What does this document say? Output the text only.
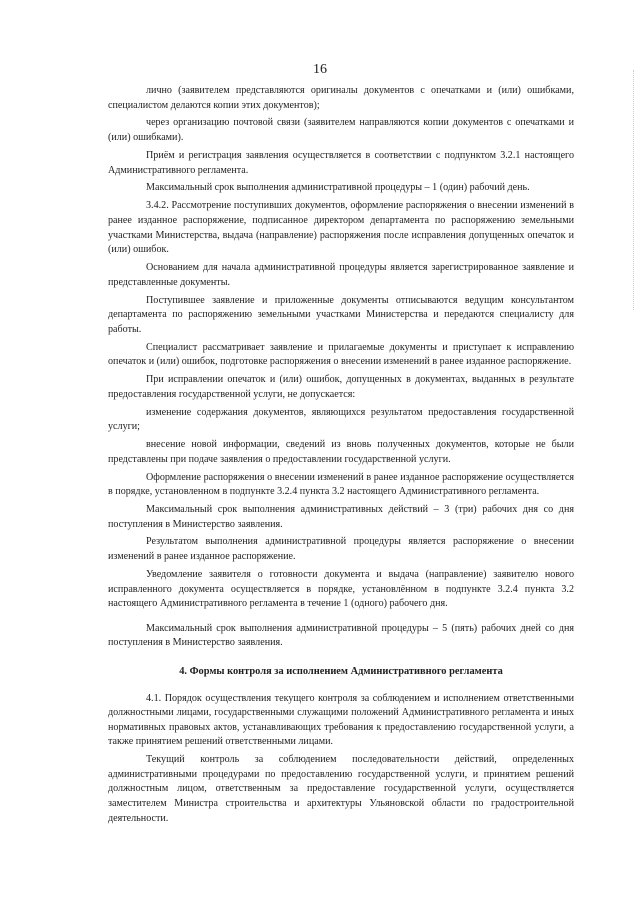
16

лично (заявителем представляются оригиналы документов с опечатками и (или) ошибками, специалистом делаются копии этих документов);

через организацию почтовой связи (заявителем направляются копии документов с опечатками и (или) ошибками).

Приём и регистрация заявления осуществляется в соответствии с подпунктом 3.2.1 настоящего Административного регламента.

Максимальный срок выполнения административной процедуры – 1 (один) рабочий день.

3.4.2. Рассмотрение поступивших документов, оформление распоряжения о внесении изменений в ранее изданное распоряжение, подписанное директором департамента по распоряжению земельными участками Министерства, выдача (направление) распоряжения после исправления допущенных опечаток и (или) ошибок.

Основанием для начала административной процедуры является зарегистрированное заявление и представленные документы.

Поступившее заявление и приложенные документы отписываются ведущим консультантом департамента по распоряжению земельными участками Министерства и передаются специалисту для работы.

Специалист рассматривает заявление и прилагаемые документы и приступает к исправлению опечаток и (или) ошибок, подготовке распоряжения о внесении изменений в ранее изданное распоряжение.

При исправлении опечаток и (или) ошибок, допущенных в документах, выданных в результате предоставления государственной услуги, не допускается:

изменение содержания документов, являющихся результатом предоставления государственной услуги;

внесение новой информации, сведений из вновь полученных документов, которые не были представлены при подаче заявления о предоставлении государственной услуги.

Оформление распоряжения о внесении изменений в ранее изданное распоряжение осуществляется в порядке, установленном в подпункте 3.2.4 пункта 3.2 настоящего Административного регламента.

Максимальный срок выполнения административных действий – 3 (три) рабочих дня со дня поступления в Министерство заявления.

Результатом выполнения административной процедуры является распоряжение о внесении изменений в ранее изданное распоряжение.

Уведомление заявителя о готовности документа и выдача (направление) заявителю нового исправленного документа осуществляется в порядке, установлённом в подпункте 3.2.4 пункта 3.2 настоящего Административного регламента в течение 1 (одного) рабочего дня.

Максимальный срок выполнения административной процедуры – 5 (пять) рабочих дней со дня поступления в Министерство заявления.

4. Формы контроля за исполнением Административного регламента

4.1. Порядок осуществления текущего контроля за соблюдением и исполнением ответственными должностными лицами, государственными служащими положений Административного регламента и иных нормативных правовых актов, устанавливающих требования к предоставлению государственной услуги, а также принятием решений ответственными лицами.

Текущий контроль за соблюдением последовательности действий, определенных административными процедурами по предоставлению государственной услуги, и принятием решений должностным лицом, ответственным за предоставление государственной услуги, осуществляется заместителем Министра строительства и архитектуры Ульяновской области по градостроительной деятельности.
